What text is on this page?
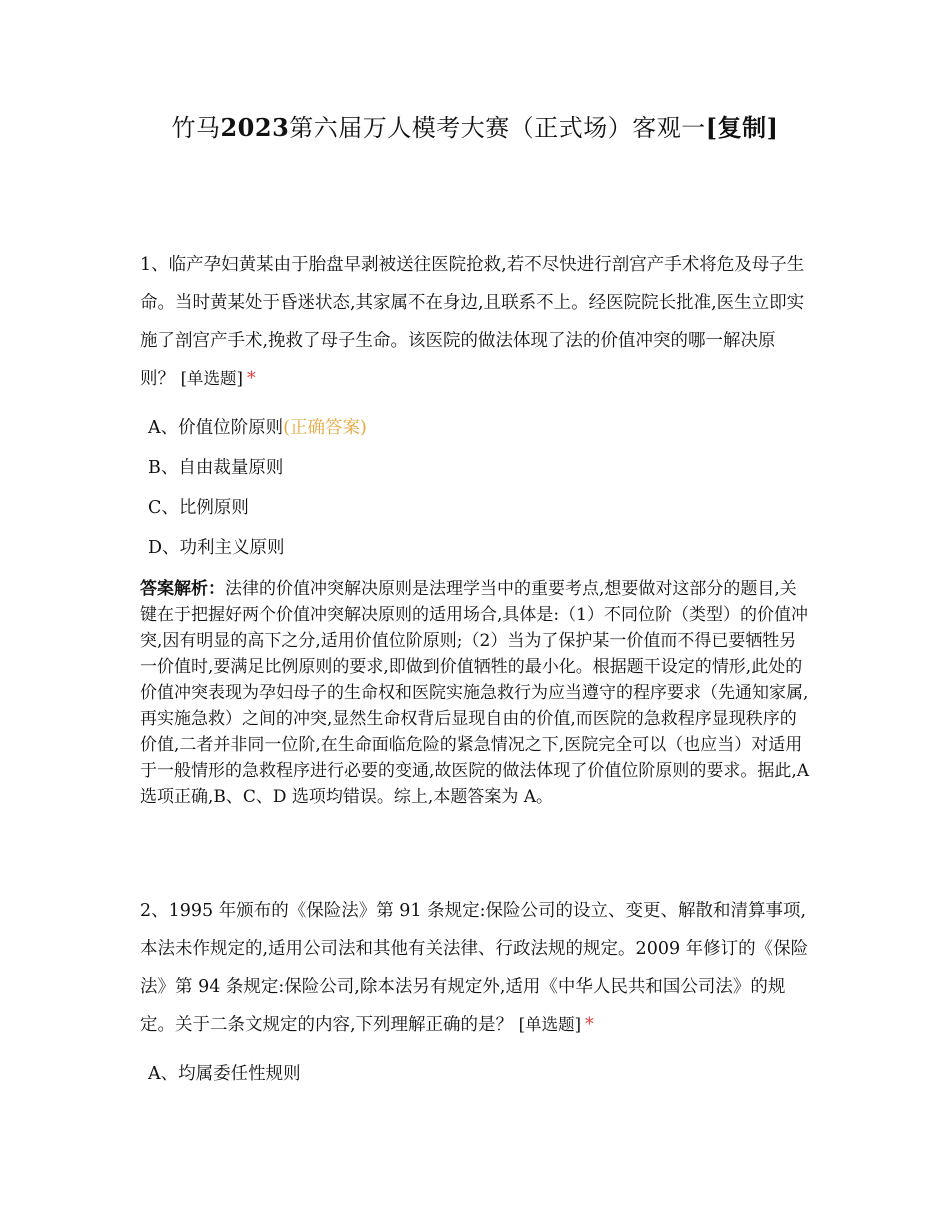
竹马2023第六届万人模考大赛（正式场）客观一[复制]

1、临产孕妇黄某由于胎盘早剥被送往医院抢救,若不尽快进行剖宫产手术将危及母子生命。当时黄某处于昏迷状态,其家属不在身边,且联系不上。经医院院长批准,医生立即实施了剖宫产手术,挽救了母子生命。该医院的做法体现了法的价值冲突的哪一解决原则？ [单选题] *

A、价值位阶原则(正确答案)
B、自由裁量原则
C、比例原则
D、功利主义原则
答案解析：法律的价值冲突解决原则是法理学当中的重要考点,想要做对这部分的题目,关键在于把握好两个价值冲突解决原则的适用场合,具体是:（1）不同位阶（类型）的价值冲突,因有明显的高下之分,适用价值位阶原则;（2）当为了保护某一价值而不得已要牺牲另一价值时,要满足比例原则的要求,即做到价值牺牲的最小化。根据题干设定的情形,此处的价值冲突表现为孕妇母子的生命权和医院实施急救行为应当遵守的程序要求（先通知家属,再实施急救）之间的冲突,显然生命权背后显现自由的价值,而医院的急救程序显现秩序的价值,二者并非同一位阶,在生命面临危险的紧急情况之下,医院完全可以（也应当）对适用于一般情形的急救程序进行必要的变通,故医院的做法体现了价值位阶原则的要求。据此,A 选项正确,B、C、D 选项均错误。综上,本题答案为 A。

2、1995 年颁布的《保险法》第 91 条规定:保险公司的设立、变更、解散和清算事项,本法未作规定的,适用公司法和其他有关法律、行政法规的规定。2009 年修订的《保险法》第 94 条规定:保险公司,除本法另有规定外,适用《中华人民共和国公司法》的规定。关于二条文规定的内容,下列理解正确的是？ [单选题] *

A、均属委任性规则
